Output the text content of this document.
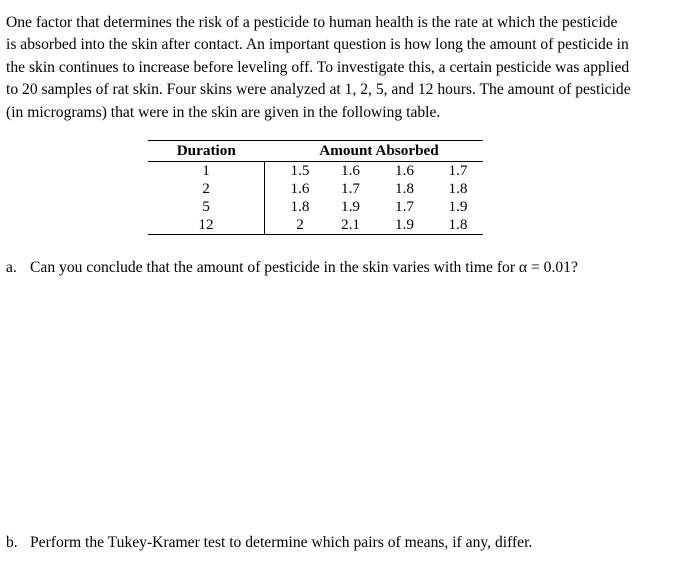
One factor that determines the risk of a pesticide to human health is the rate at which the pesticide
is absorbed into the skin after contact. An important question is how long the amount of pesticide in
the skin continues to increase before leveling off. To investigate this, a certain pesticide was applied
to 20 samples of rat skin. Four skins were analyzed at 1, 2, 5, and 12 hours. The amount of pesticide
(in micrograms) that were in the skin are given in the following table.
Duration		Amount Absorbed			
1		1.5	1.6	1.6	1.7
2		1.6	1.7	1.8	1.8
5		1.8	1.9	1.7	1.9
12		2	2.1	1.9	1.8
a. Can you conclude that the amount of pesticide in the skin varies with time for α = 0.01?
b. Perform the Tukey-Kramer test to determine which pairs of means, if any, differ.
